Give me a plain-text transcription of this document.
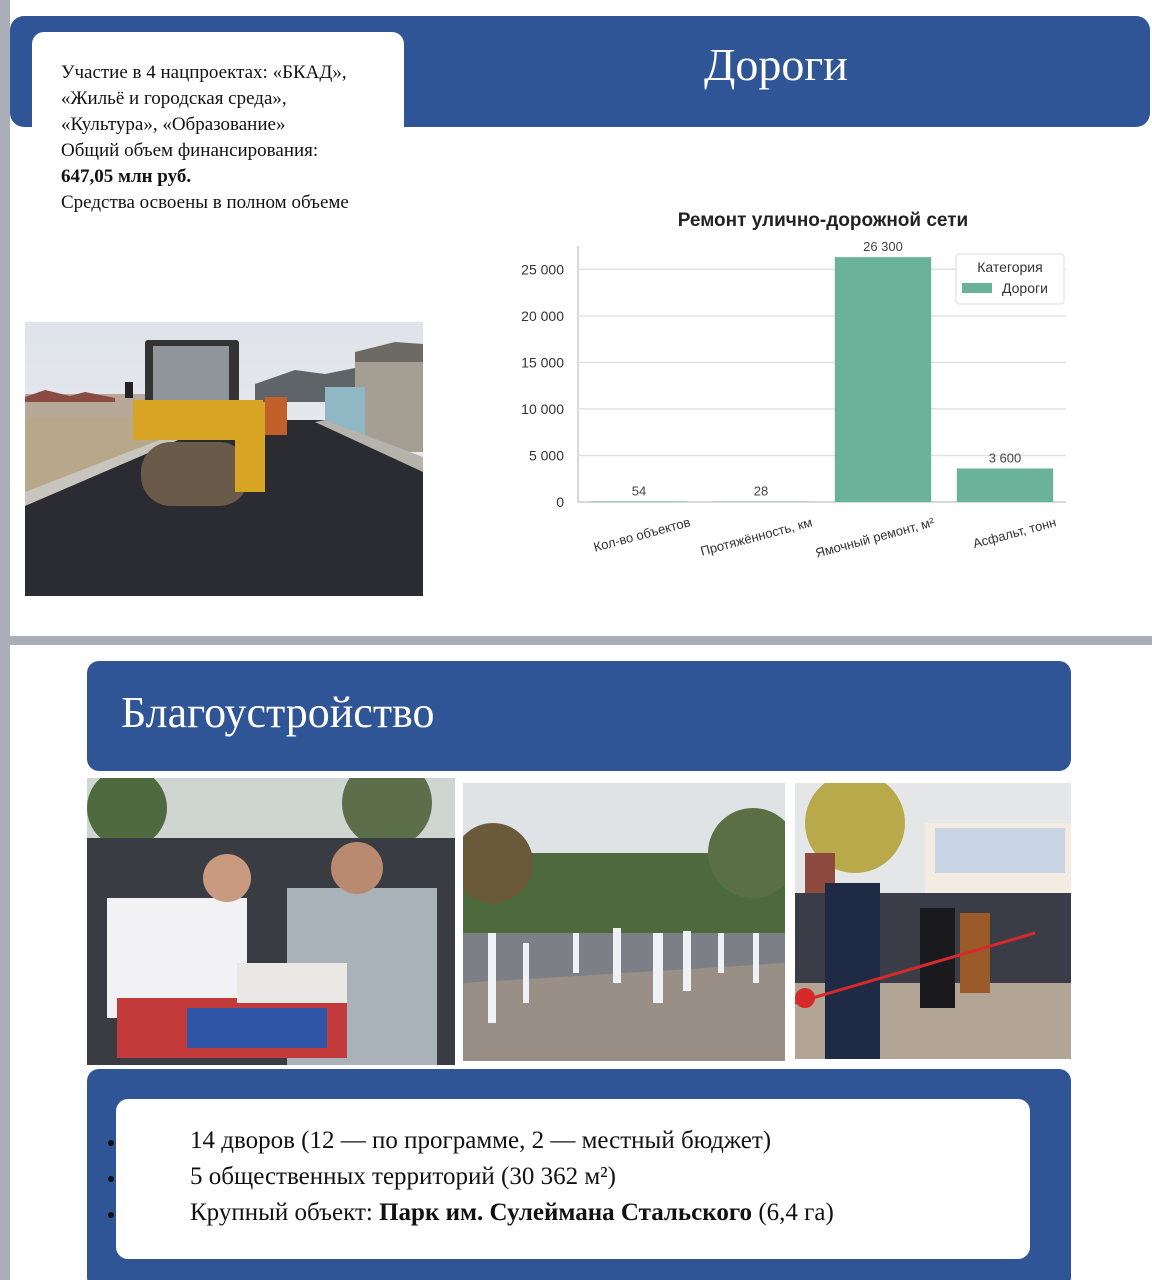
Дороги
Участие в 4 нацпроектах: «БКАД»,
«Жильё и городская среда»,
«Культура», «Образование»
Общий объем финансирования:
647,05 млн руб.
Средства освоены в полном объеме
Ремонт улично-дорожной сети
0
5 000
10 000
15 000
20 000
25 000
54
Кол-во объектов
28
Протяжённость, км
26 300
Ямочный ремонт, м²
3 600
Асфальт, тонн
Категория
Дороги
Благоустройство
14 дворов (12 — по программе, 2 — местный бюджет)
5 общественных территорий (30 362 м²)
Крупный объект: Парк им. Сулеймана Стальского (6,4 га)
